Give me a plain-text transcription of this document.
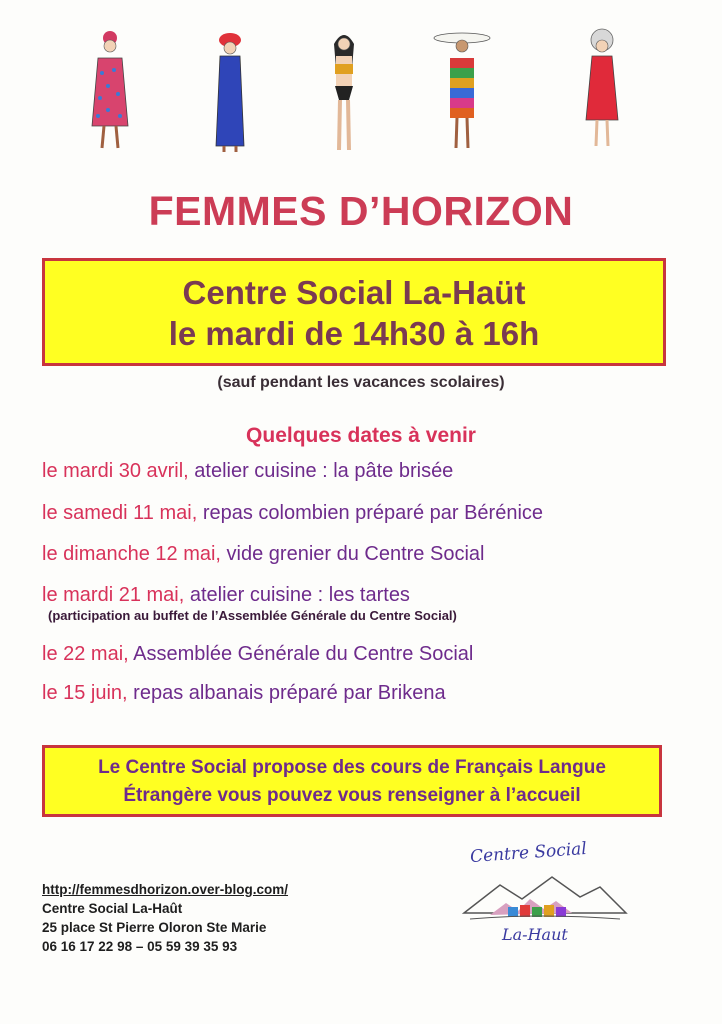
FEMMES D’HORIZON
Centre Social La-Haüt
le mardi de 14h30 à 16h
(sauf pendant les vacances scolaires)
Quelques dates à venir
le mardi 30 avril, atelier cuisine : la pâte brisée
le samedi 11 mai, repas colombien préparé par Bérénice
le dimanche 12 mai, vide grenier du Centre Social
le mardi 21 mai, atelier cuisine : les tartes
(participation au buffet de l’Assemblée Générale du Centre Social)
le 22 mai, Assemblée Générale du Centre Social
le 15 juin, repas albanais préparé par Brikena
Le Centre Social propose des cours de Français Langue
Étrangère vous pouvez vous renseigner à l’accueil
http://femmesdhorizon.over-blog.com/
Centre Social La-Haût
25 place St Pierre Oloron Ste Marie
06 16 17 22 98 – 05 59 39 35 93
Centre Social
La-Haut
